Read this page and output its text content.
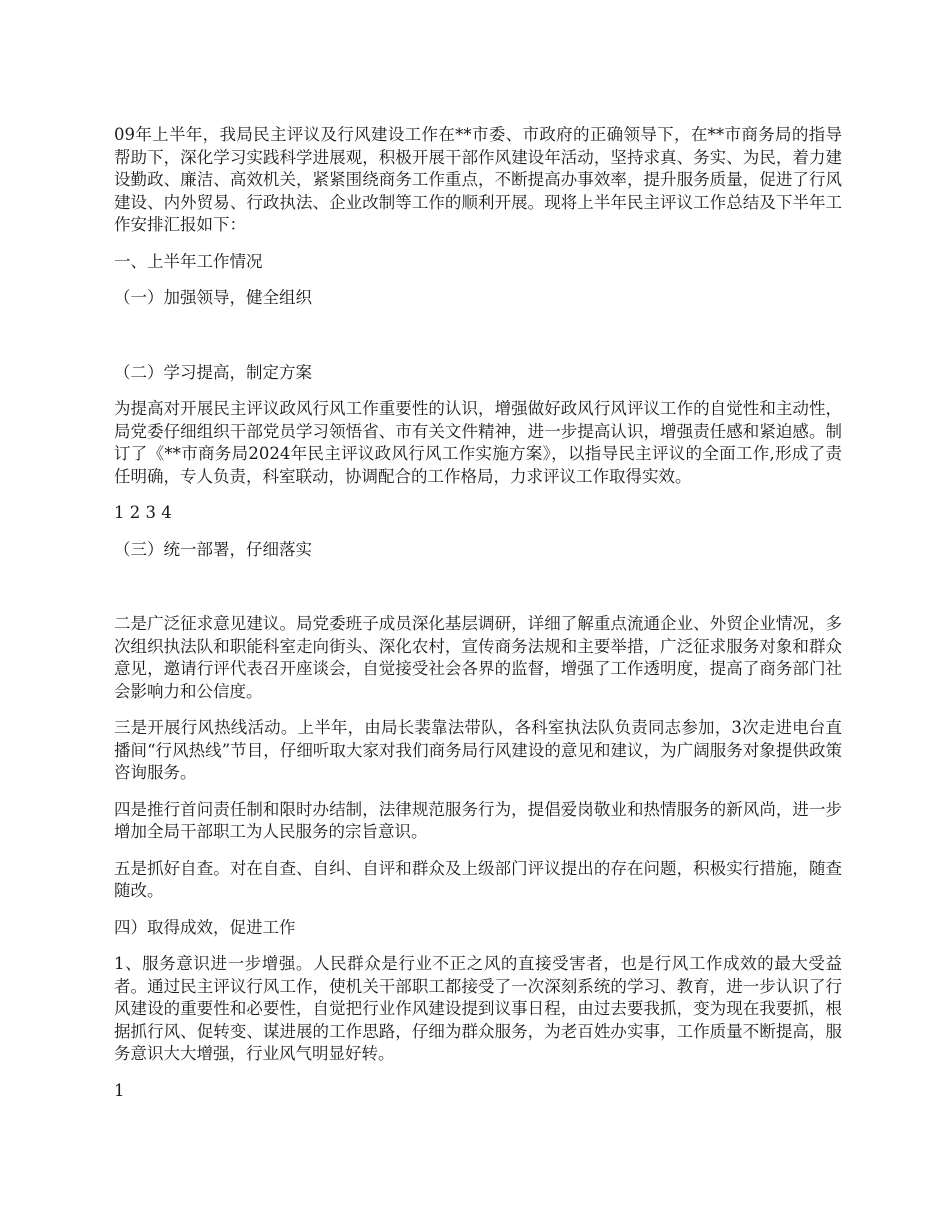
09年上半年，我局民主评议及行风建设工作在**市委、市政府的正确领导下，在**市商务局的指导帮助下，深化学习实践科学进展观，积极开展干部作风建设年活动，坚持求真、务实、为民，着力建设勤政、廉洁、高效机关，紧紧围绕商务工作重点，不断提高办事效率，提升服务质量，促进了行风建设、内外贸易、行政执法、企业改制等工作的顺利开展。现将上半年民主评议工作总结及下半年工作安排汇报如下：

一、上半年工作情况

（一）加强领导，健全组织

（二）学习提高，制定方案

为提高对开展民主评议政风行风工作重要性的认识，增强做好政风行风评议工作的自觉性和主动性，局党委仔细组织干部党员学习领悟省、市有关文件精神，进一步提高认识，增强责任感和紧迫感。制订了《**市商务局2024年民主评议政风行风工作实施方案》，以指导民主评议的全面工作,形成了责任明确，专人负责，科室联动，协调配合的工作格局，力求评议工作取得实效。

1 2 3 4

（三）统一部署，仔细落实

二是广泛征求意见建议。局党委班子成员深化基层调研，详细了解重点流通企业、外贸企业情况，多次组织执法队和职能科室走向街头、深化农村，宣传商务法规和主要举措，广泛征求服务对象和群众意见，邀请行评代表召开座谈会，自觉接受社会各界的监督，增强了工作透明度，提高了商务部门社会影响力和公信度。

三是开展行风热线活动。上半年，由局长裴靠法带队，各科室执法队负责同志参加，3次走进电台直播间“行风热线”节目，仔细听取大家对我们商务局行风建设的意见和建议，为广阔服务对象提供政策咨询服务。

四是推行首问责任制和限时办结制，法律规范服务行为，提倡爱岗敬业和热情服务的新风尚，进一步增加全局干部职工为人民服务的宗旨意识。

五是抓好自查。对在自查、自纠、自评和群众及上级部门评议提出的存在问题，积极实行措施，随查随改。

四）取得成效，促进工作

1、服务意识进一步增强。人民群众是行业不正之风的直接受害者，也是行风工作成效的最大受益者。通过民主评议行风工作，使机关干部职工都接受了一次深刻系统的学习、教育，进一步认识了行风建设的重要性和必要性，自觉把行业作风建设提到议事日程，由过去要我抓，变为现在我要抓，根据抓行风、促转变、谋进展的工作思路，仔细为群众服务，为老百姓办实事，工作质量不断提高，服务意识大大增强，行业风气明显好转。

1
